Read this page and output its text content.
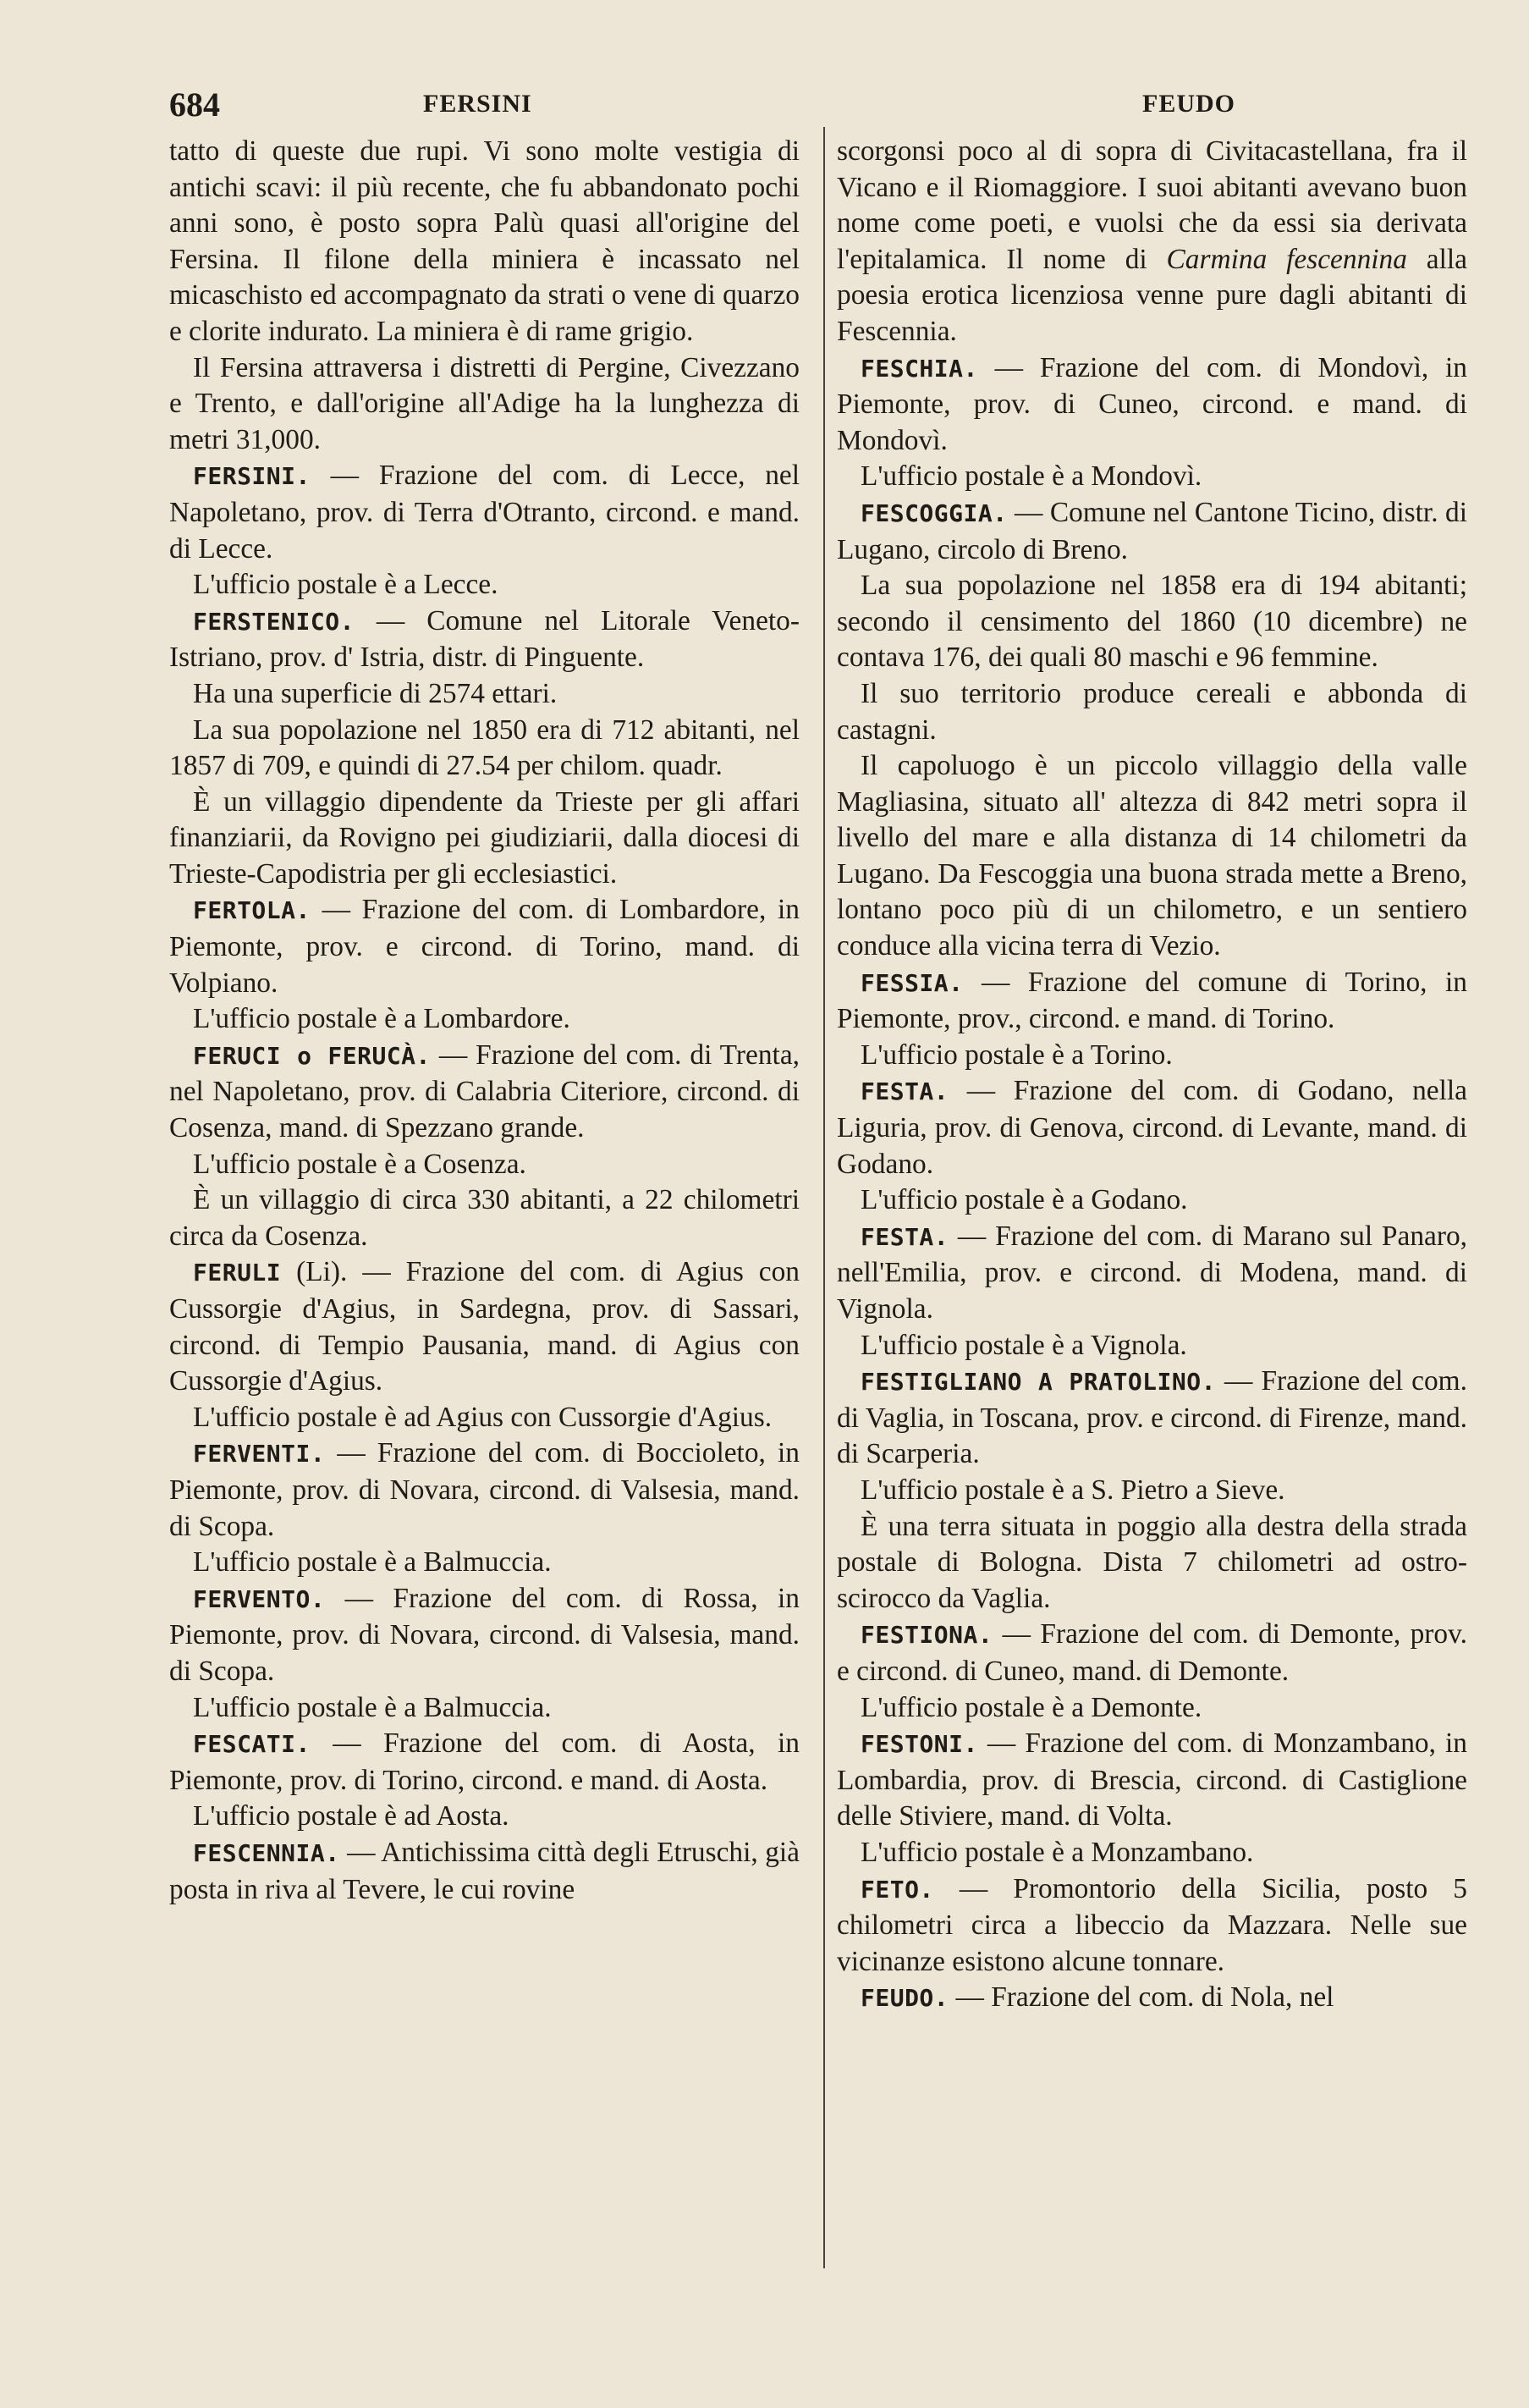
684	FERSINI	FEUDO

tatto di queste due rupi. Vi sono molte vestigia di antichi scavi: il più recente, che fu abbandonato pochi anni sono, è posto sopra Palù quasi all'origine del Fersina. Il filone della miniera è incassato nel micaschisto ed accompagnato da strati o vene di quarzo e clorite indurato. La miniera è di rame grigio.

Il Fersina attraversa i distretti di Pergine, Civezzano e Trento, e dall'origine all'Adige ha la lunghezza di metri 31,000.

FERSINI. — Frazione del com. di Lecce, nel Napoletano, prov. di Terra d'Otranto, circond. e mand. di Lecce.

L'ufficio postale è a Lecce.

FERSTENICO. — Comune nel Litorale Veneto-Istriano, prov. d' Istria, distr. di Pinguente.

Ha una superficie di 2574 ettari.

La sua popolazione nel 1850 era di 712 abitanti, nel 1857 di 709, e quindi di 27.54 per chilom. quadr.

È un villaggio dipendente da Trieste per gli affari finanziarii, da Rovigno pei giudiziarii, dalla diocesi di Trieste-Capodistria per gli ecclesiastici.

FERTOLA. — Frazione del com. di Lombardore, in Piemonte, prov. e circond. di Torino, mand. di Volpiano.

L'ufficio postale è a Lombardore.

FERUCI o FERUCÀ. — Frazione del com. di Trenta, nel Napoletano, prov. di Calabria Citeriore, circond. di Cosenza, mand. di Spezzano grande.

L'ufficio postale è a Cosenza.

È un villaggio di circa 330 abitanti, a 22 chilometri circa da Cosenza.

FERULI (Li). — Frazione del com. di Agius con Cussorgie d'Agius, in Sardegna, prov. di Sassari, circond. di Tempio Pausania, mand. di Agius con Cussorgie d'Agius.

L'ufficio postale è ad Agius con Cussorgie d'Agius.

FERVENTI. — Frazione del com. di Boccioleto, in Piemonte, prov. di Novara, circond. di Valsesia, mand. di Scopa.

L'ufficio postale è a Balmuccia.

FERVENTO. — Frazione del com. di Rossa, in Piemonte, prov. di Novara, circond. di Valsesia, mand. di Scopa.

L'ufficio postale è a Balmuccia.

FESCATI. — Frazione del com. di Aosta, in Piemonte, prov. di Torino, circond. e mand. di Aosta.

L'ufficio postale è ad Aosta.

FESCENNIA. — Antichissima città degli Etruschi, già posta in riva al Tevere, le cui rovine

scorgonsi poco al di sopra di Civitacastellana, fra il Vicano e il Riomaggiore. I suoi abitanti avevano buon nome come poeti, e vuolsi che da essi sia derivata l'epitalamica. Il nome di Carmina fescennina alla poesia erotica licenziosa venne pure dagli abitanti di Fescennia.

FESCHIA. — Frazione del com. di Mondovì, in Piemonte, prov. di Cuneo, circond. e mand. di Mondovì.

L'ufficio postale è a Mondovì.

FESCOGGIA. — Comune nel Cantone Ticino, distr. di Lugano, circolo di Breno.

La sua popolazione nel 1858 era di 194 abitanti; secondo il censimento del 1860 (10 dicembre) ne contava 176, dei quali 80 maschi e 96 femmine.

Il suo territorio produce cereali e abbonda di castagni.

Il capoluogo è un piccolo villaggio della valle Magliasina, situato all' altezza di 842 metri sopra il livello del mare e alla distanza di 14 chilometri da Lugano. Da Fescoggia una buona strada mette a Breno, lontano poco più di un chilometro, e un sentiero conduce alla vicina terra di Vezio.

FESSIA. — Frazione del comune di Torino, in Piemonte, prov., circond. e mand. di Torino.

L'ufficio postale è a Torino.

FESTA. — Frazione del com. di Godano, nella Liguria, prov. di Genova, circond. di Levante, mand. di Godano.

L'ufficio postale è a Godano.

FESTA. — Frazione del com. di Marano sul Panaro, nell'Emilia, prov. e circond. di Modena, mand. di Vignola.

L'ufficio postale è a Vignola.

FESTIGLIANO A PRATOLINO. — Frazione del com. di Vaglia, in Toscana, prov. e circond. di Firenze, mand. di Scarperia.

L'ufficio postale è a S. Pietro a Sieve.

È una terra situata in poggio alla destra della strada postale di Bologna. Dista 7 chilometri ad ostro-scirocco da Vaglia.

FESTIONA. — Frazione del com. di Demonte, prov. e circond. di Cuneo, mand. di Demonte.

L'ufficio postale è a Demonte.

FESTONI. — Frazione del com. di Monzambano, in Lombardia, prov. di Brescia, circond. di Castiglione delle Stiviere, mand. di Volta.

L'ufficio postale è a Monzambano.

FETO. — Promontorio della Sicilia, posto 5 chilometri circa a libeccio da Mazzara. Nelle sue vicinanze esistono alcune tonnare.

FEUDO. — Frazione del com. di Nola, nel
